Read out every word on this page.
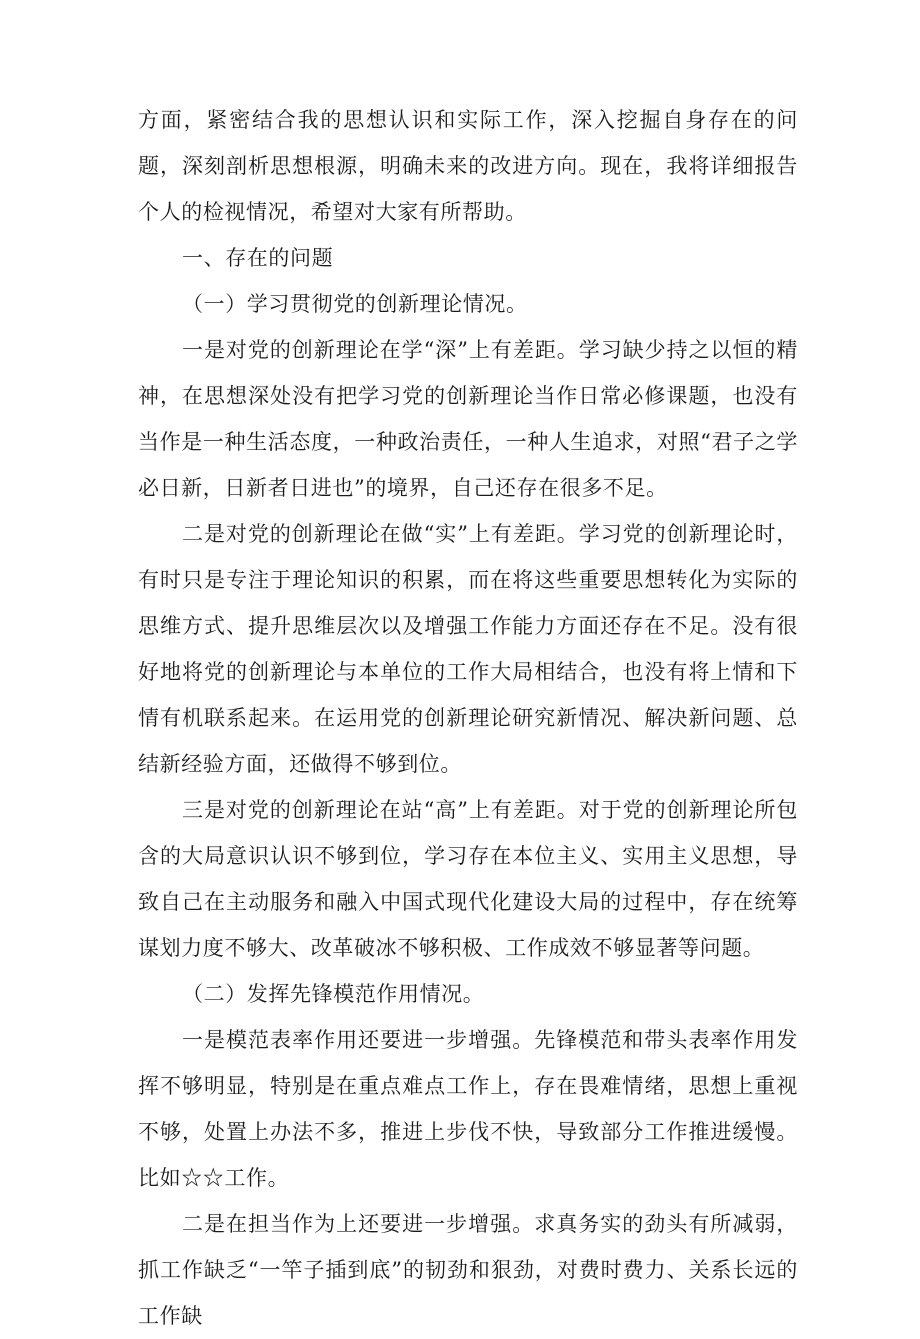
方面，紧密结合我的思想认识和实际工作，深入挖掘自身存在的问题，深刻剖析思想根源，明确未来的改进方向。现在，我将详细报告个人的检视情况，希望对大家有所帮助。

一、存在的问题

（一）学习贯彻党的创新理论情况。

一是对党的创新理论在学“深”上有差距。学习缺少持之以恒的精神，在思想深处没有把学习党的创新理论当作日常必修课题，也没有当作是一种生活态度，一种政治责任，一种人生追求，对照“君子之学必日新，日新者日进也”的境界，自己还存在很多不足。

二是对党的创新理论在做“实”上有差距。学习党的创新理论时，有时只是专注于理论知识的积累，而在将这些重要思想转化为实际的思维方式、提升思维层次以及增强工作能力方面还存在不足。没有很好地将党的创新理论与本单位的工作大局相结合，也没有将上情和下情有机联系起来。在运用党的创新理论研究新情况、解决新问题、总结新经验方面，还做得不够到位。

三是对党的创新理论在站“高”上有差距。对于党的创新理论所包含的大局意识认识不够到位，学习存在本位主义、实用主义思想，导致自己在主动服务和融入中国式现代化建设大局的过程中，存在统筹谋划力度不够大、改革破冰不够积极、工作成效不够显著等问题。

（二）发挥先锋模范作用情况。

一是模范表率作用还要进一步增强。先锋模范和带头表率作用发挥不够明显，特别是在重点难点工作上，存在畏难情绪，思想上重视不够，处置上办法不多，推进上步伐不快，导致部分工作推进缓慢。比如☆☆工作。

二是在担当作为上还要进一步增强。求真务实的劲头有所减弱，抓工作缺乏“一竿子插到底”的韧劲和狠劲，对费时费力、关系长远的工作缺
